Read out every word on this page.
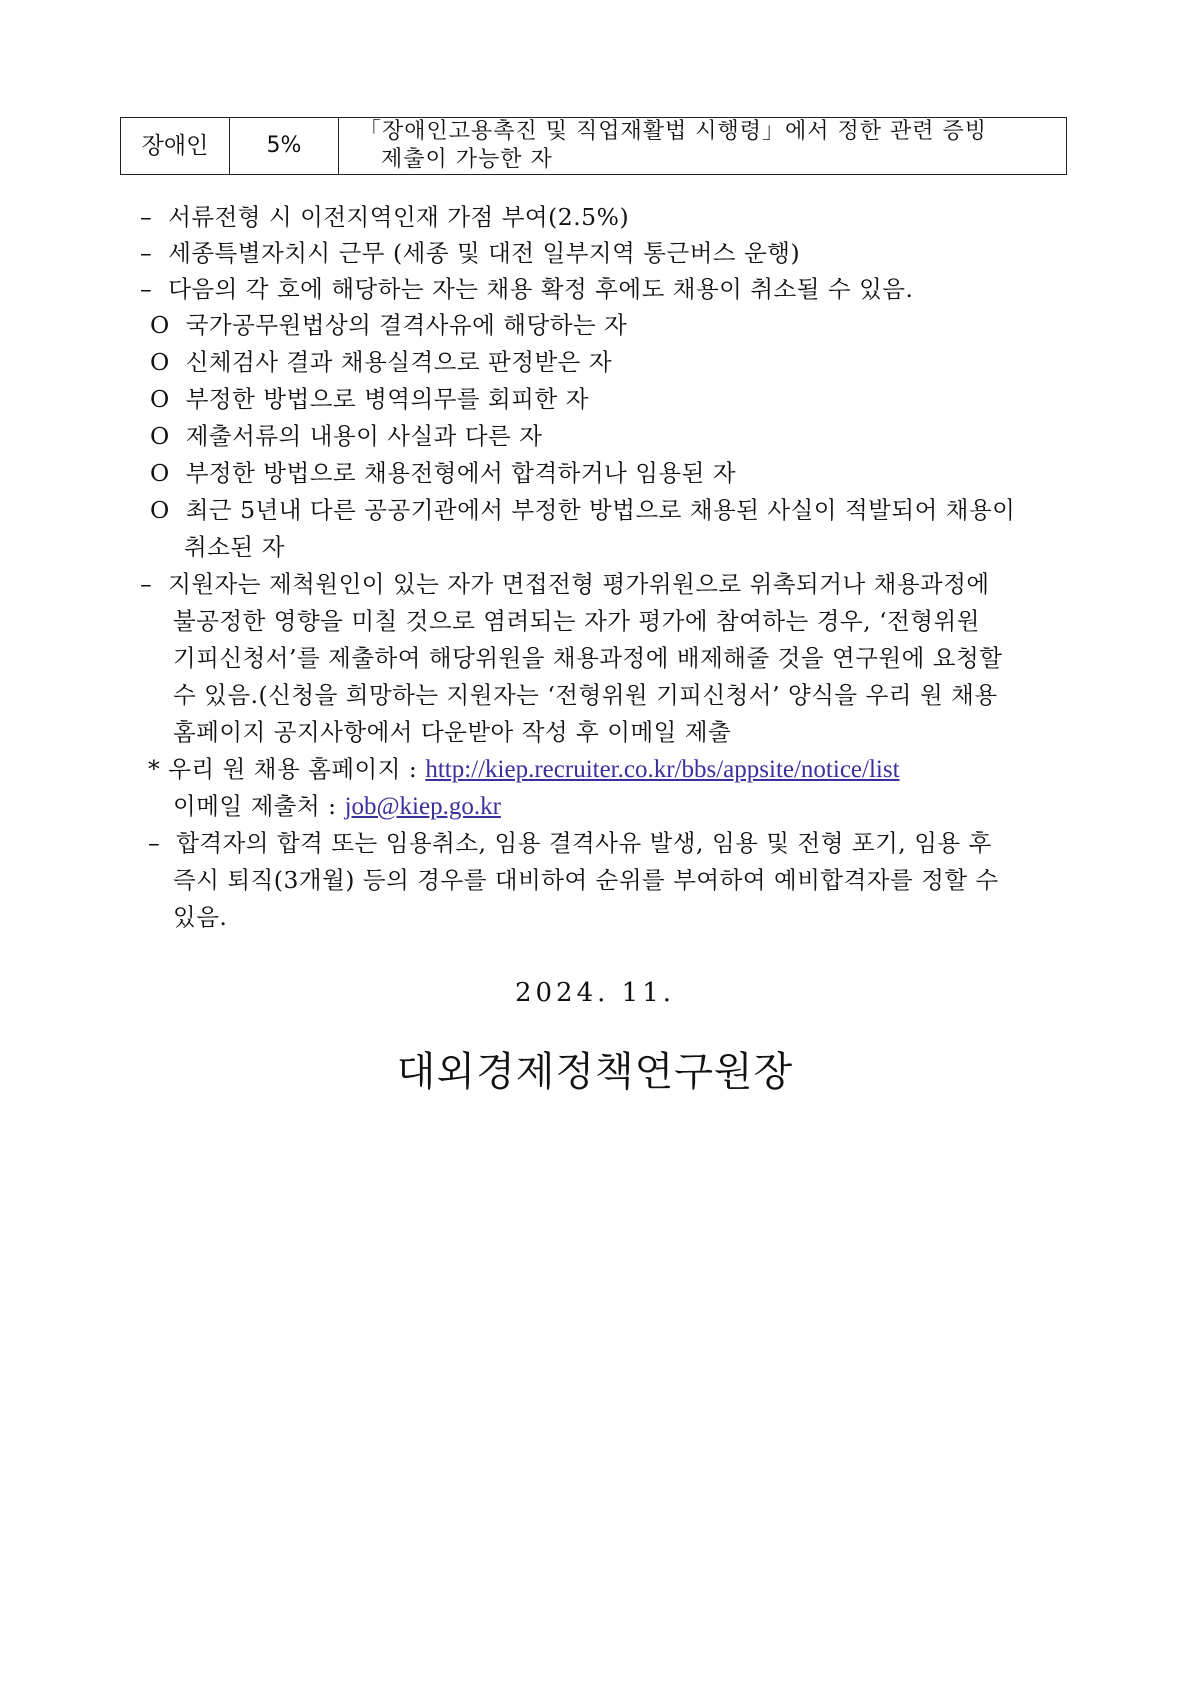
장애인	5%	「장애인고용촉진 및 직업재활법 시행령」에서 정한 관련 증빙
제출이 가능한 자
– 서류전형 시 이전지역인재 가점 부여(2.5%)
– 세종특별자치시 근무 (세종 및 대전 일부지역 통근버스 운행)
– 다음의 각 호에 해당하는 자는 채용 확정 후에도 채용이 취소될 수 있음.
O 국가공무원법상의 결격사유에 해당하는 자
O 신체검사 결과 채용실격으로 판정받은 자
O 부정한 방법으로 병역의무를 회피한 자
O 제출서류의 내용이 사실과 다른 자
O 부정한 방법으로 채용전형에서 합격하거나 임용된 자
O 최근 5년내 다른 공공기관에서 부정한 방법으로 채용된 사실이 적발되어 채용이
취소된 자
– 지원자는 제척원인이 있는 자가 면접전형 평가위원으로 위촉되거나 채용과정에
불공정한 영향을 미칠 것으로 염려되는 자가 평가에 참여하는 경우, ‘전형위원
기피신청서’를 제출하여 해당위원을 채용과정에 배제해줄 것을 연구원에 요청할
수 있음.(신청을 희망하는 지원자는 ‘전형위원 기피신청서’ 양식을 우리 원 채용
홈페이지 공지사항에서 다운받아 작성 후 이메일 제출
* 우리 원 채용 홈페이지 : http://kiep.recruiter.co.kr/bbs/appsite/notice/list
이메일 제출처 : job@kiep.go.kr
– 합격자의 합격 또는 임용취소, 임용 결격사유 발생, 임용 및 전형 포기, 임용 후
즉시 퇴직(3개월) 등의 경우를 대비하여 순위를 부여하여 예비합격자를 정할 수
있음.
2024. 11.
대외경제정책연구원장
